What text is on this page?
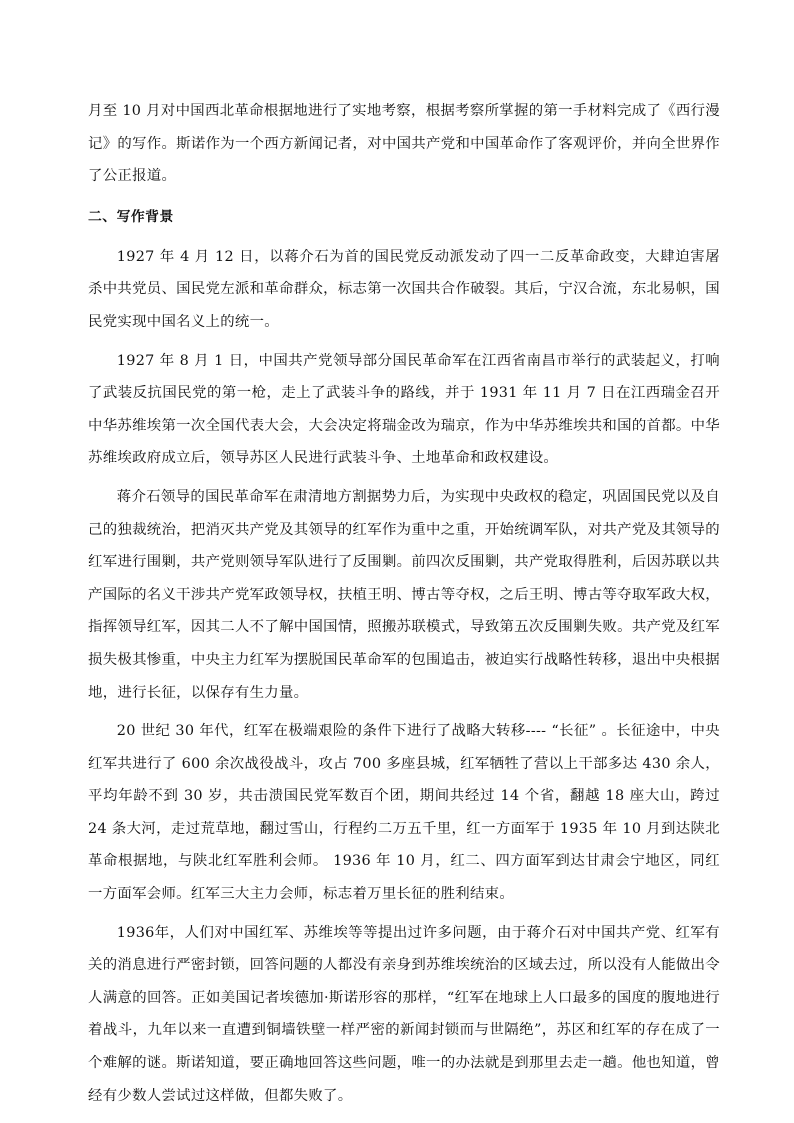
月至 10 月对中国西北革命根据地进行了实地考察，根据考察所掌握的第一手材料完成了《西行漫记》的写作。斯诺作为一个西方新闻记者，对中国共产党和中国革命作了客观评价，并向全世界作了公正报道。

二、写作背景

1927 年 4 月 12 日，以蒋介石为首的国民党反动派发动了四一二反革命政变，大肆迫害屠杀中共党员、国民党左派和革命群众，标志第一次国共合作破裂。其后，宁汉合流，东北易帜，国民党实现中国名义上的统一。

1927 年 8 月 1 日，中国共产党领导部分国民革命军在江西省南昌市举行的武装起义，打响了武装反抗国民党的第一枪，走上了武装斗争的路线，并于 1931 年 11 月 7 日在江西瑞金召开中华苏维埃第一次全国代表大会，大会决定将瑞金改为瑞京，作为中华苏维埃共和国的首都。中华苏维埃政府成立后，领导苏区人民进行武装斗争、土地革命和政权建设。

蒋介石领导的国民革命军在肃清地方割据势力后，为实现中央政权的稳定，巩固国民党以及自己的独裁统治，把消灭共产党及其领导的红军作为重中之重，开始统调军队，对共产党及其领导的红军进行围剿，共产党则领导军队进行了反围剿。前四次反围剿，共产党取得胜利，后因苏联以共产国际的名义干涉共产党军政领导权，扶植王明、博古等夺权，之后王明、博古等夺取军政大权，指挥领导红军，因其二人不了解中国国情，照搬苏联模式，导致第五次反围剿失败。共产党及红军损失极其惨重，中央主力红军为摆脱国民革命军的包围追击，被迫实行战略性转移，退出中央根据地，进行长征，以保存有生力量。

20 世纪 30 年代，红军在极端艰险的条件下进行了战略大转移---- “长征” 。长征途中，中央红军共进行了 600 余次战役战斗，攻占 700 多座县城，红军牺牲了营以上干部多达 430 余人，平均年龄不到 30 岁，共击溃国民党军数百个团，期间共经过 14 个省，翻越 18 座大山，跨过 24 条大河，走过荒草地，翻过雪山，行程约二万五千里，红一方面军于 1935 年 10 月到达陕北革命根据地，与陕北红军胜利会师。 1936 年 10 月，红二、四方面军到达甘肃会宁地区，同红一方面军会师。红军三大主力会师，标志着万里长征的胜利结束。

1936年，人们对中国红军、苏维埃等等提出过许多问题，由于蒋介石对中国共产党、红军有关的消息进行严密封锁，回答问题的人都没有亲身到苏维埃统治的区域去过，所以没有人能做出令人满意的回答。正如美国记者埃德加·斯诺形容的那样，“红军在地球上人口最多的国度的腹地进行着战斗，九年以来一直遭到铜墙铁壁一样严密的新闻封锁而与世隔绝”，苏区和红军的存在成了一个难解的谜。斯诺知道，要正确地回答这些问题，唯一的办法就是到那里去走一趟。他也知道，曾经有少数人尝试过这样做，但都失败了。
